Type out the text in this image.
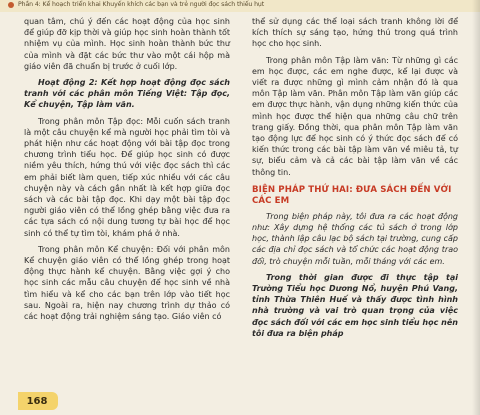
Phần 4: Kể hoạch triển khai Khuyến khích các bạn và trẻ người đọc sách thiếu hụt

quan tâm, chú ý đến các hoạt động của học sinh để giúp đỡ kịp thời và giúp học sinh hoàn thành tốt nhiệm vụ của mình. Học sinh hoàn thành bức thư của mình và đặt các bức thư vào một cái hộp mà giáo viên đã chuẩn bị trước ở cuối lớp.

Hoạt động 2: Kết hợp hoạt động đọc sách tranh với các phân môn Tiếng Việt: Tập đọc, Kể chuyện, Tập làm văn.

Trong phân môn Tập đọc: Mỗi cuốn sách tranh là một câu chuyện kể mà người học phải tìm tòi và phát hiện như các hoạt động với bài tập đọc trong chương trình tiểu học. Để giúp học sinh có được niềm yêu thích, hứng thú với việc đọc sách thì các em phải biết làm quen, tiếp xúc nhiều với các câu chuyện này và cách gắn nhất là kết hợp giữa đọc sách và các bài tập đọc. Khi dạy một bài tập đọc người giáo viên có thể lồng ghép bằng việc đưa ra các tựa sách có nội dung tương tự bài học để học sinh có thể tự tìm tòi, khám phá ở nhà.

Trong phân môn Kể chuyện: Đối với phân môn Kể chuyện giáo viên có thể lồng ghép trong hoạt động thực hành kể chuyện. Bằng việc gợi ý cho học sinh các mẫu câu chuyện để học sinh về nhà tìm hiểu và kể cho các bạn trên lớp vào tiết học sau. Ngoài ra, hiện nay chương trình dự thảo có các hoạt động trải nghiệm sáng tạo. Giáo viên có

thể sử dụng các thể loại sách tranh không lời để kích thích sự sáng tạo, hứng thú trong quá trình học cho học sinh.

Trong phân môn Tập làm văn: Từ những gì các em học được, các em nghe được, kể lại được và viết ra được những gì mình cảm nhận đó là qua môn Tập làm văn. Phân môn Tập làm văn giúp các em được thực hành, vận dụng những kiến thức của mình học được thể hiện qua những câu chữ trên trang giấy. Đồng thời, qua phân môn Tập làm văn tạo động lực để học sinh có ý thức đọc sách để có kiến thức trong các bài tập làm văn về miêu tả, tự sự, biểu cảm và cả các bài tập làm văn về các thông tin.

BIỆN PHÁP THỨ HAI: ĐƯA SÁCH ĐẾN VỚI CÁC EM

Trong biện pháp này, tôi đưa ra các hoạt động như: Xây dựng hệ thống các tủ sách ở trong lớp học, thành lập câu lạc bộ sách tại trường, cung cấp các địa chỉ đọc sách và tổ chức các hoạt động trao đổi, trò chuyện mỗi tuần, mỗi tháng với các em.

Trong thời gian được đi thực tập tại Trường Tiểu học Dương Nổ, huyện Phú Vang, tỉnh Thừa Thiên Huế và thấy được tình hình nhà trường và vai trò quan trọng của việc đọc sách đối với các em học sinh tiểu học nên tôi đưa ra biện pháp

168
